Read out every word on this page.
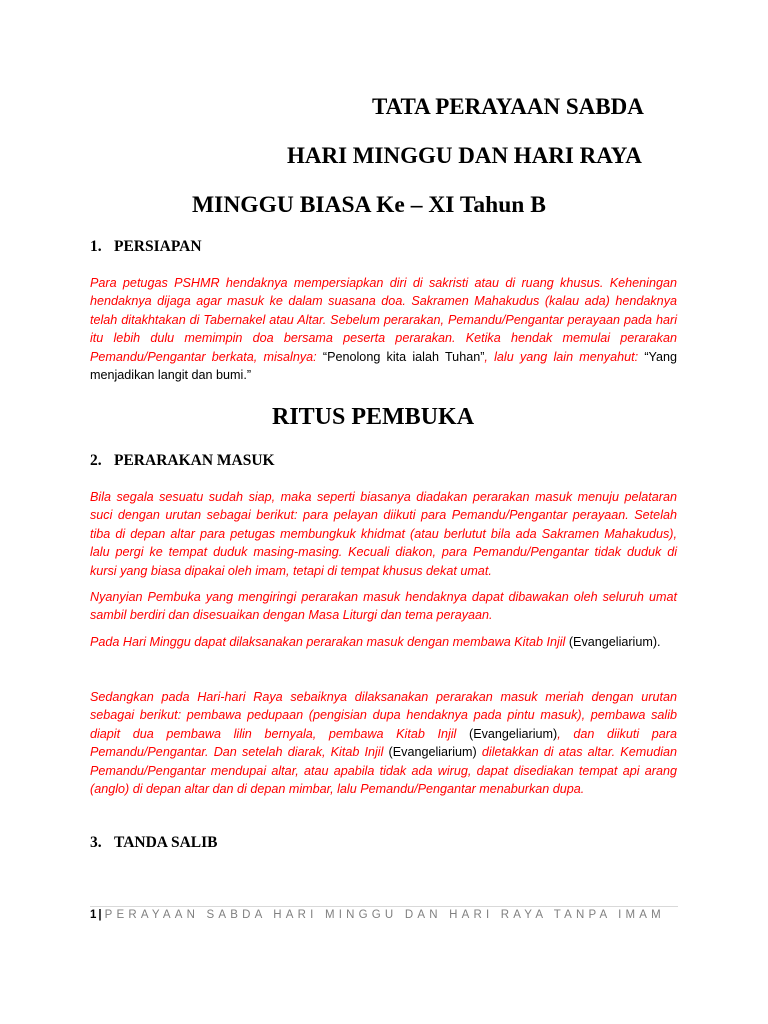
TATA PERAYAAN SABDA
HARI MINGGU DAN HARI RAYA
MINGGU BIASA Ke – XI Tahun B
1. PERSIAPAN

Para petugas PSHMR hendaknya mempersiapkan diri di sakristi atau di ruang khusus. Keheningan hendaknya dijaga agar masuk ke dalam suasana doa. Sakramen Mahakudus (kalau ada) hendaknya telah ditakhtakan di Tabernakel atau Altar. Sebelum perarakan, Pemandu/Pengantar perayaan pada hari itu lebih dulu memimpin doa bersama peserta perarakan. Ketika hendak memulai perarakan Pemandu/Pengantar berkata, misalnya: “Penolong kita ialah Tuhan”, lalu yang lain menyahut: “Yang menjadikan langit dan bumi.”

RITUS PEMBUKA
2. PERARAKAN MASUK

Bila segala sesuatu sudah siap, maka seperti biasanya diadakan perarakan masuk menuju pelataran suci dengan urutan sebagai berikut: para pelayan diikuti para Pemandu/Pengantar perayaan. Setelah tiba di depan altar para petugas membungkuk khidmat (atau berlutut bila ada Sakramen Mahakudus), lalu pergi ke tempat duduk masing-masing. Kecuali diakon, para Pemandu/Pengantar tidak duduk di kursi yang biasa dipakai oleh imam, tetapi di tempat khusus dekat umat.

Nyanyian Pembuka yang mengiringi perarakan masuk hendaknya dapat dibawakan oleh seluruh umat sambil berdiri dan disesuaikan dengan Masa Liturgi dan tema perayaan.

Pada Hari Minggu dapat dilaksanakan perarakan masuk dengan membawa Kitab Injil (Evangeliarium).

Sedangkan pada Hari-hari Raya sebaiknya dilaksanakan perarakan masuk meriah dengan urutan sebagai berikut: pembawa pedupaan (pengisian dupa hendaknya pada pintu masuk), pembawa salib diapit dua pembawa lilin bernyala, pembawa Kitab Injil (Evangeliarium), dan diikuti para Pemandu/Pengantar. Dan setelah diarak, Kitab Injil (Evangeliarium) diletakkan di atas altar. Kemudian Pemandu/Pengantar mendupai altar, atau apabila tidak ada wirug, dapat disediakan tempat api arang (anglo) di depan altar dan di depan mimbar, lalu Pemandu/Pengantar menaburkan dupa.

3. TANDA SALIB

1 | PERAYAAN SABDA HARI MINGGU DAN HARI RAYA TANPA IMAM
